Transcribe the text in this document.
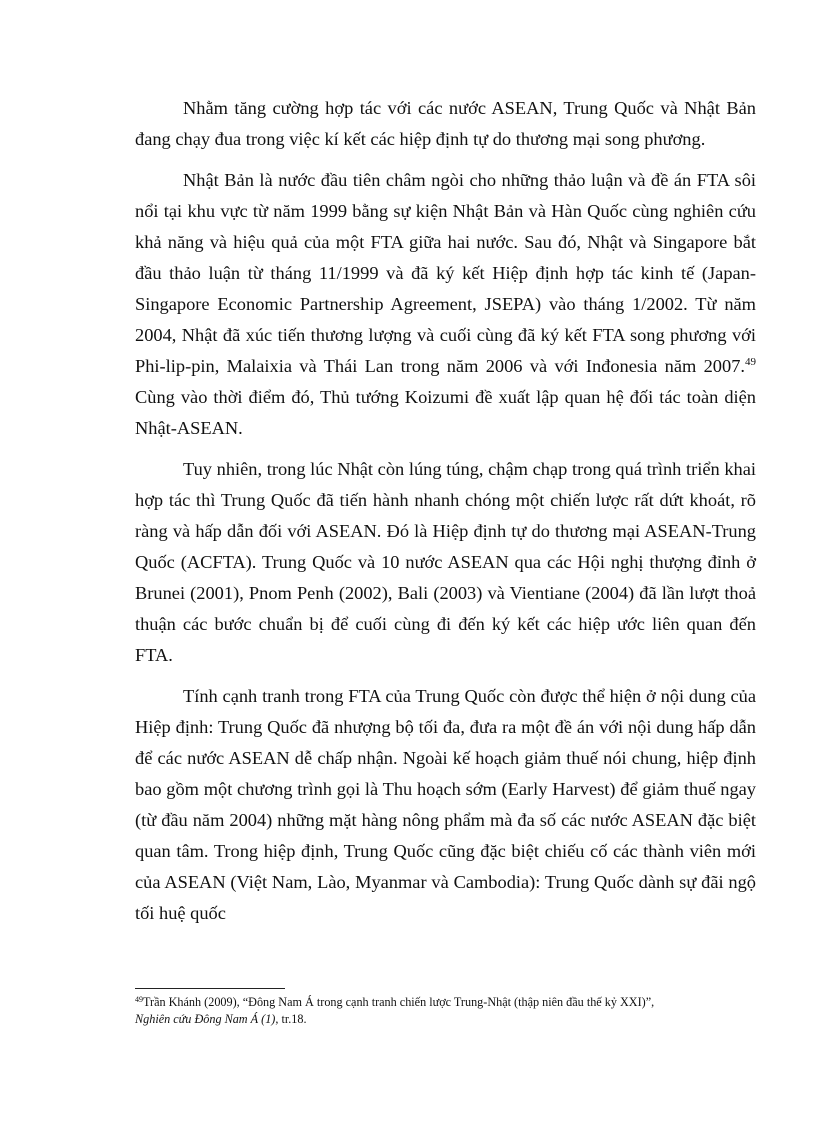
Nhằm tăng cường hợp tác với các nước ASEAN, Trung Quốc và Nhật Bản đang chạy đua trong việc kí kết các hiệp định tự do thương mại song phương.

Nhật Bản là nước đầu tiên châm ngòi cho những thảo luận và đề án FTA sôi nổi tại khu vực từ năm 1999 bằng sự kiện Nhật Bản và Hàn Quốc cùng nghiên cứu khả năng và hiệu quả của một FTA giữa hai nước. Sau đó, Nhật và Singapore bắt đầu thảo luận từ tháng 11/1999 và đã ký kết Hiệp định hợp tác kinh tế (Japan-Singapore Economic Partnership Agreement, JSEPA) vào tháng 1/2002. Từ năm 2004, Nhật đã xúc tiến thương lượng và cuối cùng đã ký kết FTA song phương với Phi-lip-pin, Malaixia và Thái Lan trong năm 2006 và với Inđonesia năm 2007.49 Cùng vào thời điểm đó, Thủ tướng Koizumi đề xuất lập quan hệ đối tác toàn diện Nhật-ASEAN.

Tuy nhiên, trong lúc Nhật còn lúng túng, chậm chạp trong quá trình triển khai hợp tác thì Trung Quốc đã tiến hành nhanh chóng một chiến lược rất dứt khoát, rõ ràng và hấp dẫn đối với ASEAN. Đó là Hiệp định tự do thương mại ASEAN-Trung Quốc (ACFTA). Trung Quốc và 10 nước ASEAN qua các Hội nghị thượng đỉnh ở Brunei (2001), Pnom Penh (2002), Bali (2003) và Vientiane (2004) đã lần lượt thoả thuận các bước chuẩn bị để cuối cùng đi đến ký kết các hiệp ước liên quan đến FTA.

Tính cạnh tranh trong FTA của Trung Quốc còn được thể hiện ở nội dung của Hiệp định: Trung Quốc đã nhượng bộ tối đa, đưa ra một đề án với nội dung hấp dẫn để các nước ASEAN dễ chấp nhận. Ngoài kế hoạch giảm thuế nói chung, hiệp định bao gồm một chương trình gọi là Thu hoạch sớm (Early Harvest) để giảm thuế ngay (từ đầu năm 2004) những mặt hàng nông phẩm mà đa số các nước ASEAN đặc biệt quan tâm. Trong hiệp định, Trung Quốc cũng đặc biệt chiếu cố các thành viên mới của ASEAN (Việt Nam, Lào, Myanmar và Cambodia): Trung Quốc dành sự đãi ngộ tối huệ quốc

$^{49}$Trần Khánh (2009), “Đông Nam Á trong cạnh tranh chiến lược Trung-Nhật (thập niên đầu thế kỷ XXI)”,
Nghiên cứu Đông Nam Á (1), tr.18.
